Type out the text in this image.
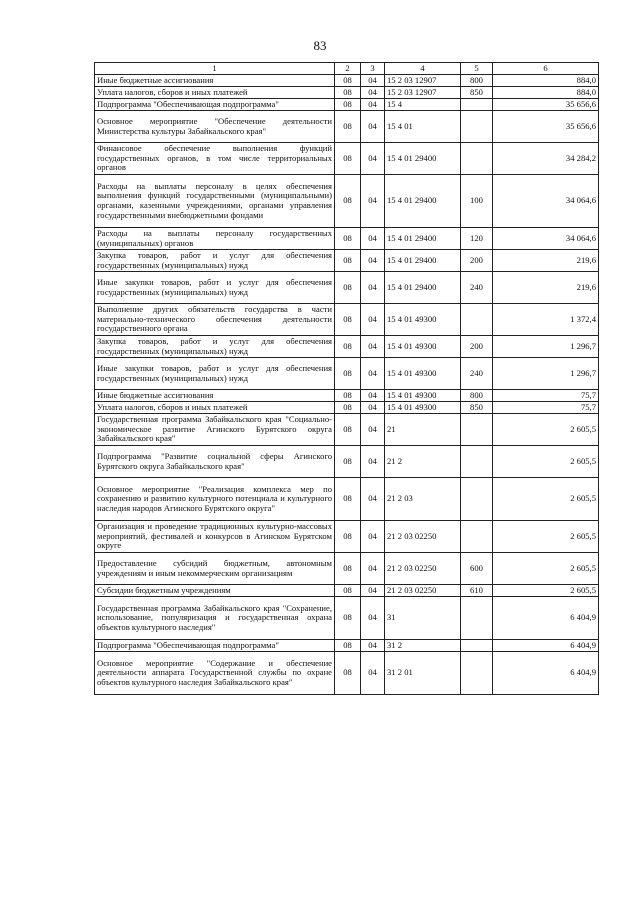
83
1	2	3	4	5	6
Иные бюджетные ассигнования	08	04	15 2 03 12907	800	884,0
Уплата налогов, сборов и иных платежей	08	04	15 2 03 12907	850	884,0
Подпрограмма "Обеспечивающая подпрограмма"	08	04	15 4		35 656,6
Основное мероприятие "Обеспечение деятельности Министерства культуры Забайкальского края"	08	04	15 4 01		35 656,6
Финансовое обеспечение выполнения функций государственных органов, в том числе территориальных органов	08	04	15 4 01 29400		34 284,2
Расходы на выплаты персоналу в целях обеспечения выполнения функций государственными (муниципальными) органами, казенными учреждениями, органами управления государственными внебюджетными фондами	08	04	15 4 01 29400	100	34 064,6
Расходы на выплаты персоналу государственных (муниципальных) органов	08	04	15 4 01 29400	120	34 064,6
Закупка товаров, работ и услуг для обеспечения государственных (муниципальных) нужд	08	04	15 4 01 29400	200	219,6
Иные закупки товаров, работ и услуг для обеспечения государственных (муниципальных) нужд	08	04	15 4 01 29400	240	219,6
Выполнение других обязательств государства в части материально-технического обеспечения деятельности государственного органа	08	04	15 4 01 49300		1 372,4
Закупка товаров, работ и услуг для обеспечения государственных (муниципальных) нужд	08	04	15 4 01 49300	200	1 296,7
Иные закупки товаров, работ и услуг для обеспечения государственных (муниципальных) нужд	08	04	15 4 01 49300	240	1 296,7
Иные бюджетные ассигнования	08	04	15 4 01 49300	800	75,7
Уплата налогов, сборов и иных платежей	08	04	15 4 01 49300	850	75,7
Государственная программа Забайкальского края "Социально-экономическое развитие Агинского Бурятского округа Забайкальского края"	08	04	21		2 605,5
Подпрограмма "Развитие социальной сферы Агинского Бурятского округа Забайкальского края"	08	04	21 2		2 605,5
Основное мероприятие "Реализация комплекса мер по сохранению и развитию культурного потенциала и культурного наследия народов Агинского Бурятского округа"	08	04	21 2 03		2 605,5
Организация и проведение традиционных культурно-массовых мероприятий, фестивалей и конкурсов в Агинском Бурятском округе	08	04	21 2 03 02250		2 605,5
Предоставление субсидий бюджетным, автономным учреждениям и иным некоммерческим организациям	08	04	21 2 03 02250	600	2 605,5
Субсидии бюджетным учреждениям	08	04	21 2 03 02250	610	2 605,5
Государственная программа Забайкальского края "Сохранение, использование, популяризация и государственная охрана объектов культурного наследия"	08	04	31		6 404,9
Подпрограмма "Обеспечивающая подпрограмма"	08	04	31 2		6 404,9
Основное мероприятие "Содержание и обеспечение деятельности аппарата Государственной службы по охране объектов культурного наследия Забайкальского края"	08	04	31 2 01		6 404,9
